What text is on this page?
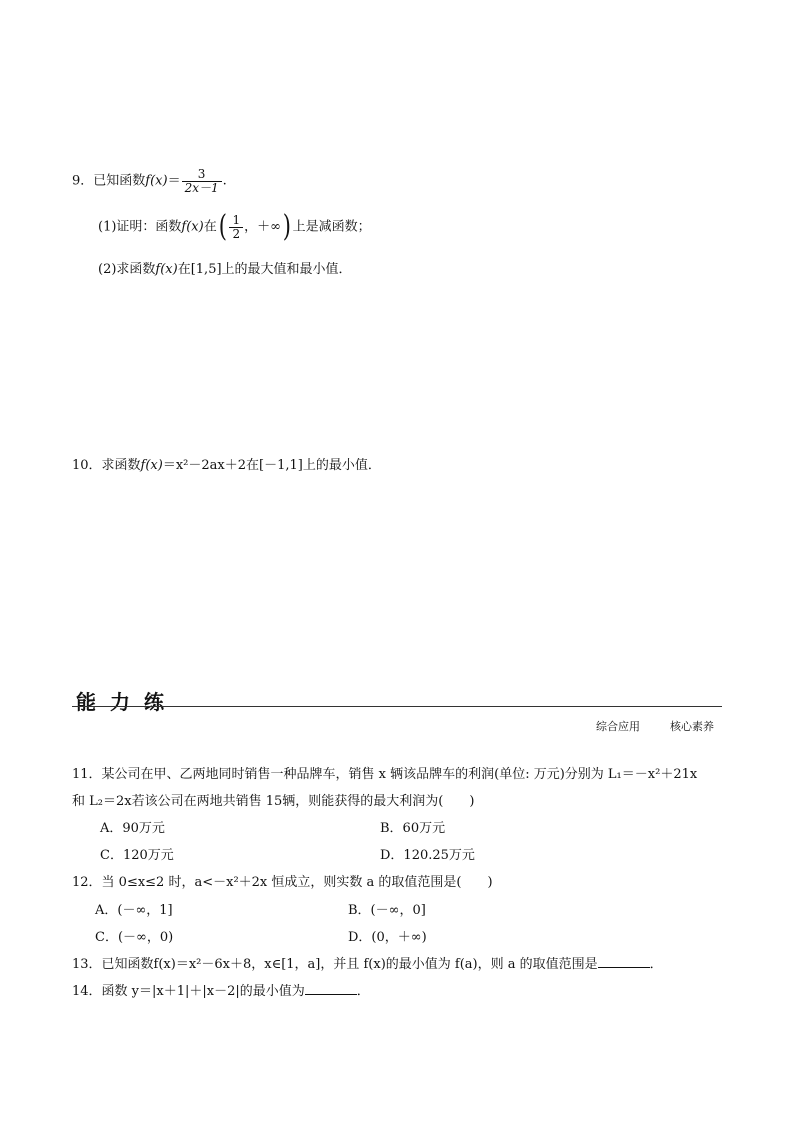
9．已知函数$f(x)= \frac{3}{2x-1}$ .
(1)证明：函数f(x)在( $\frac{1}{2}$ ，＋∞) 上是减函数；
(2)求函数f(x)在[1,5]上的最大值和最小值．
10．求函数f(x)＝x²－2ax＋2在[－1,1]上的最小值．
能力练
综合应用	核心素养
11．某公司在甲、乙两地同时销售一种品牌车，销售 x 辆该品牌车的利润(单位: 万元)分别为 L₁＝－x²＋21x
和 L₂＝2x若该公司在两地共销售 15辆，则能获得的最大利润为(　　)
A．90万元	B．60万元
C．120万元	D．120.25万元
12．当 0≤x≤2 时，a<－x²＋2x 恒成立，则实数 a 的取值范围是(　　)
A．(－∞，1]	B．(－∞，0]
C．(－∞，0)	D．(0，＋∞)
13．已知函数f(x)＝x²－6x＋8，x∈[1，a]，并且 f(x)的最小值为 f(a)，则 a 的取值范围是	．
14．函数 y＝|x＋1|＋|x－2|的最小值为	．
